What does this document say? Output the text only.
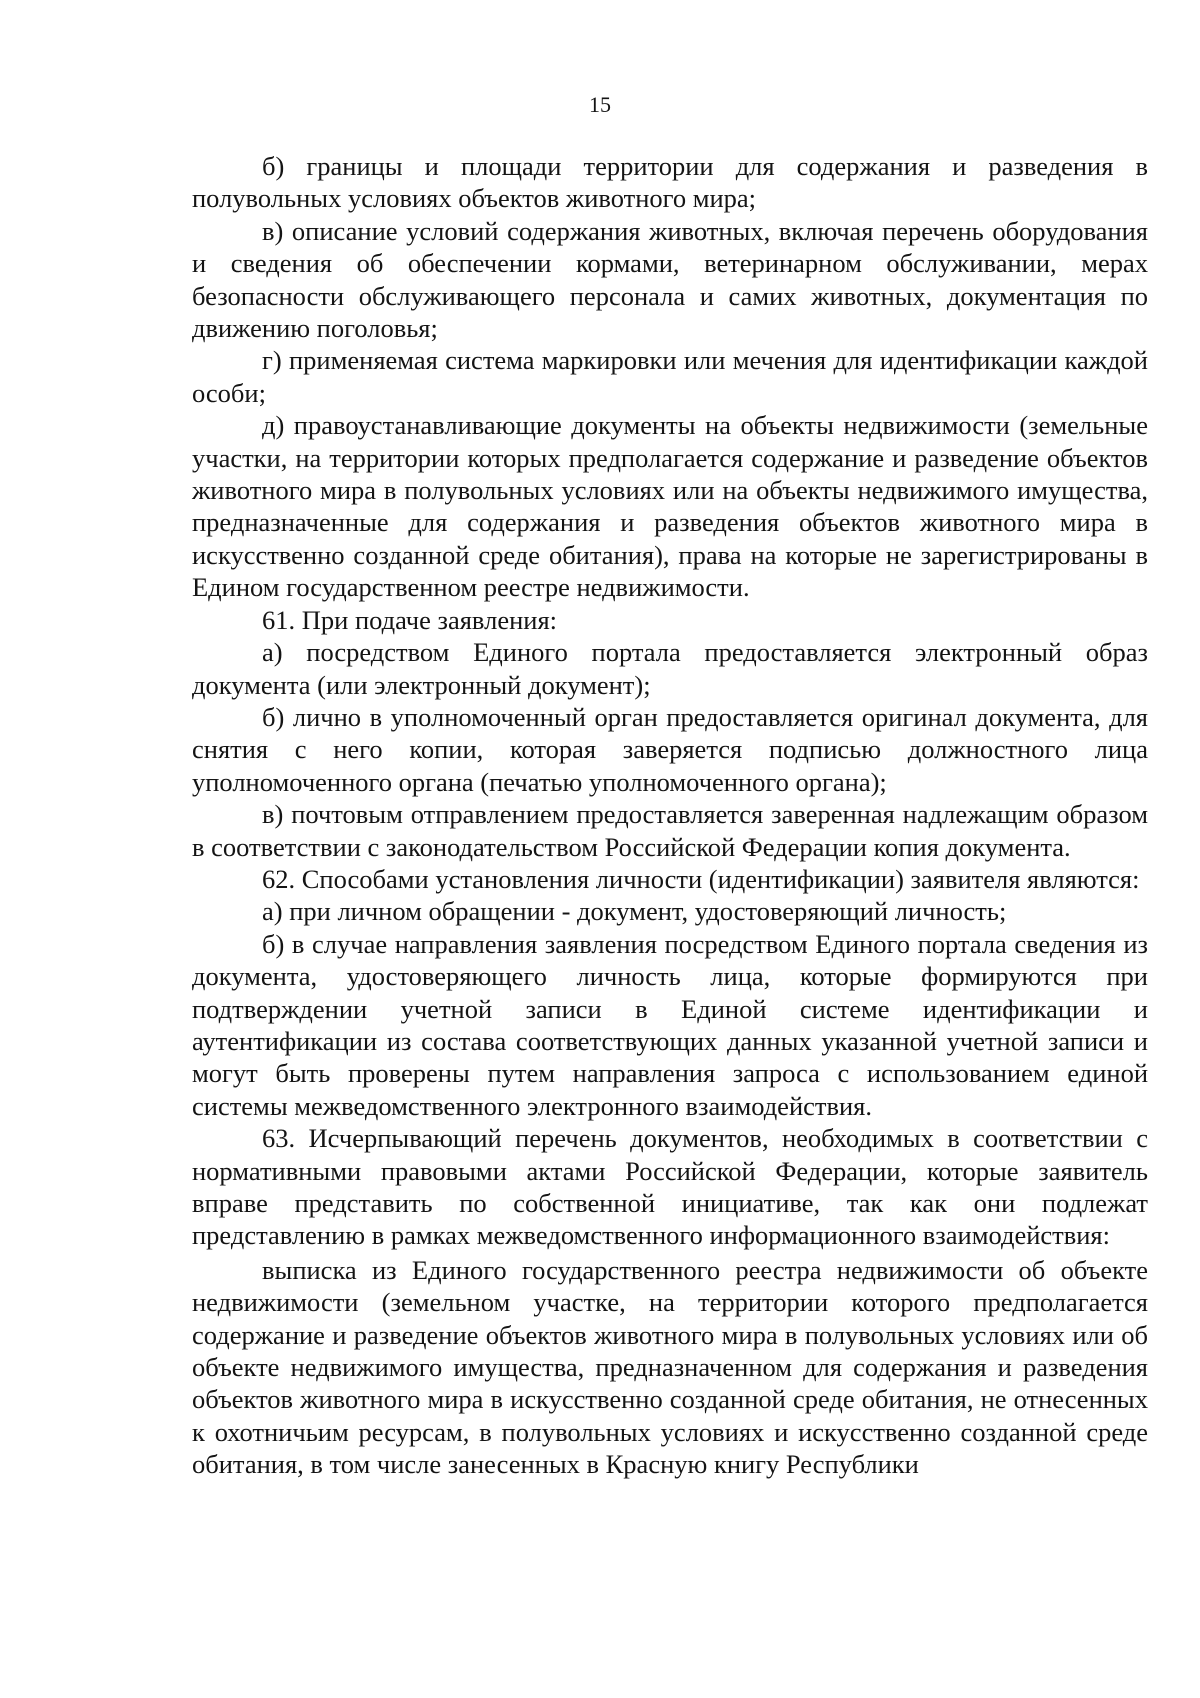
15

б) границы и площади территории для содержания и разведения в полувольных условиях объектов животного мира;

в) описание условий содержания животных, включая перечень оборудования и сведения об обеспечении кормами, ветеринарном обслуживании, мерах безопасности обслуживающего персонала и самих животных, документация по движению поголовья;

г) применяемая система маркировки или мечения для идентификации каждой особи;

д) правоустанавливающие документы на объекты недвижимости (земельные участки, на территории которых предполагается содержание и разведение объектов животного мира в полувольных условиях или на объекты недвижимого имущества, предназначенные для содержания и разведения объектов животного мира в искусственно созданной среде обитания), права на которые не зарегистрированы в Едином государственном реестре недвижимости.

61. При подаче заявления:

а) посредством Единого портала предоставляется электронный образ документа (или электронный документ);

б) лично в уполномоченный орган предоставляется оригинал документа, для снятия с него копии, которая заверяется подписью должностного лица уполномоченного органа (печатью уполномоченного органа);

в) почтовым отправлением предоставляется заверенная надлежащим образом в соответствии с законодательством Российской Федерации копия документа.

62. Способами установления личности (идентификации) заявителя являются:

а) при личном обращении - документ, удостоверяющий личность;

б) в случае направления заявления посредством Единого портала сведения из документа, удостоверяющего личность лица, которые формируются при подтверждении учетной записи в Единой системе идентификации и аутентификации из состава соответствующих данных указанной учетной записи и могут быть проверены путем направления запроса с использованием единой системы межведомственного электронного взаимодействия.

63. Исчерпывающий перечень документов, необходимых в соответствии с нормативными правовыми актами Российской Федерации, которые заявитель вправе представить по собственной инициативе, так как они подлежат представлению в рамках межведомственного информационного взаимодействия:

выписка из Единого государственного реестра недвижимости об объекте недвижимости (земельном участке, на территории которого предполагается содержание и разведение объектов животного мира в полувольных условиях или об объекте недвижимого имущества, предназначенном для содержания и разведения объектов животного мира в искусственно созданной среде обитания, не отнесенных к охотничьим ресурсам, в полувольных условиях и искусственно созданной среде обитания, в том числе занесенных в Красную книгу Республики
